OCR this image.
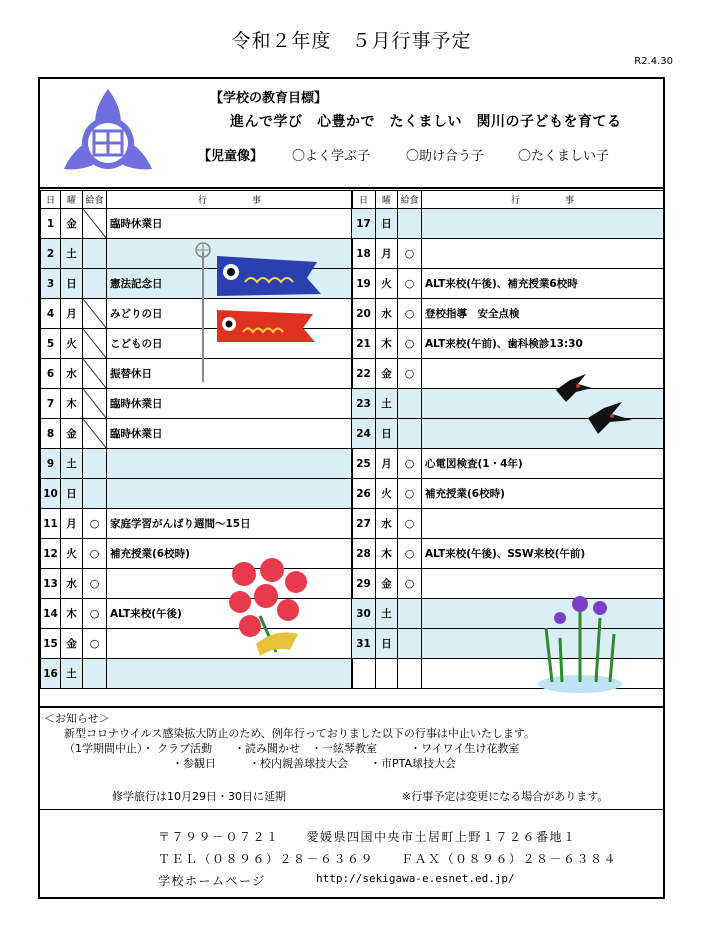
令和２年度　５月行事予定
R2.4.30
【学校の教育目標】
進んで学び　心豊かで　たくましい　関川の子どもを育てる
【児童像】 〇よく学ぶ子	〇助け合う子	〇たくましい子
日	曜	給食	行　　　　　事
1	金		臨時休業日
2	土		
3	日		憲法記念日
4	月		みどりの日
5	火		こどもの日
6	水		振替休日
7	木		臨時休業日
8	金		臨時休業日
9	土		
10	日		
11	月	○	家庭学習がんばり週間～15日
12	火	○	補充授業(6校時)
13	水	○	
14	木	○	ALT来校(午後)
15	金	○	
16	土		
日	曜	給食	行　　　　　事
17	日		
18	月	○	
19	火	○	ALT来校(午後)、補充授業6校時
20	水	○	登校指導　安全点検
21	木	○	ALT来校(午前)、歯科検診13:30
22	金	○	
23	土		
24	日		
25	月	○	心電図検査(1・4年)
26	火	○	補充授業(6校時)
27	水	○	
28	木	○	ALT来校(午後)、SSW来校(午前)
29	金	○	
30	土		
31	日		

＜お知らせ＞
新型コロナウイルス感染拡大防止のため、例年行っておりました以下の行事は中止いたします。
（1学期間中止）・ クラブ活動　　・読み聞かせ　・一絃琴教室　　　・ワイワイ生け花教室
・参観日　　　・校内親善球技大会　　・市PTA球技大会
修学旅行は10月29日・30日に延期	※行事予定は変更になる場合があります。
〒７９９－０７２１　　愛媛県四国中央市土居町上野１７２６番地１
ＴＥＬ（０８９６）２８－６３６９　　ＦＡＸ（０８９６）２８－６３８４
学校ホームページ	http://sekigawa-e.esnet.ed.jp/
